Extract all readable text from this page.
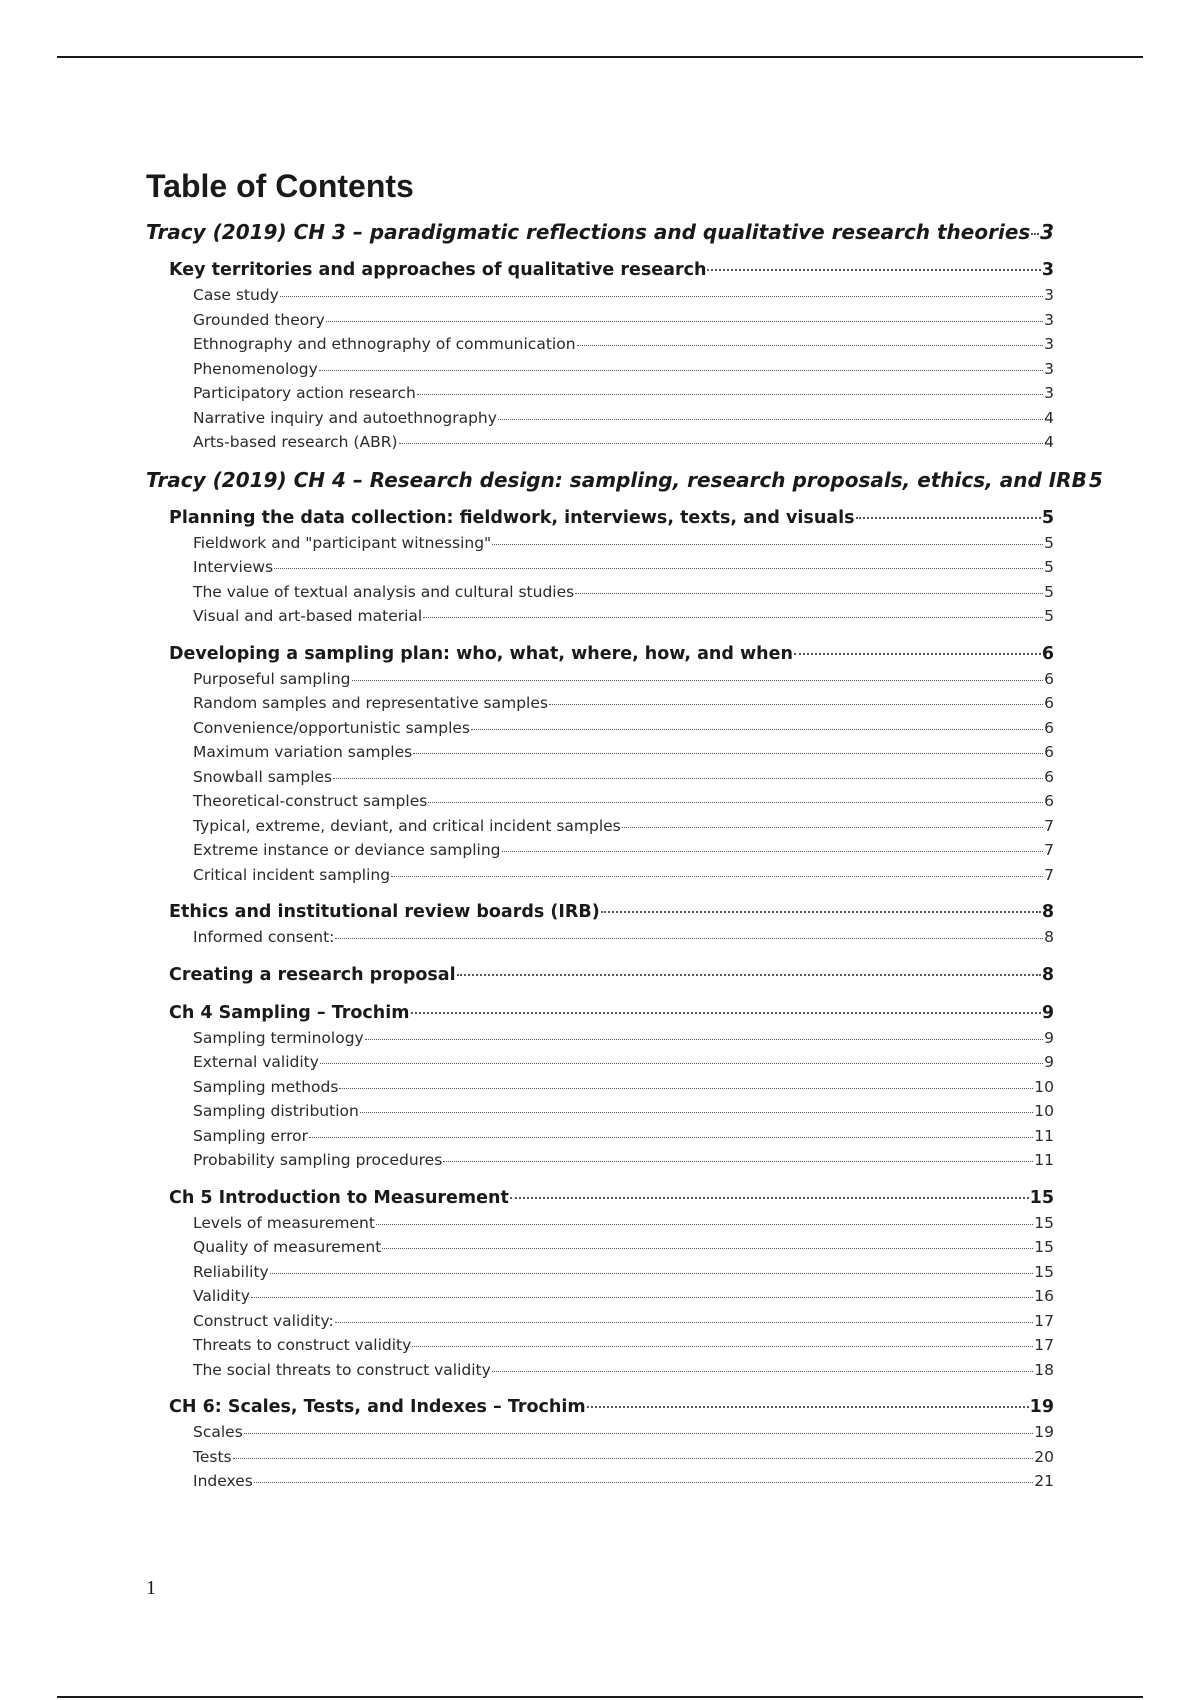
Table of Contents
Tracy (2019) CH 3 – paradigmatic reflections and qualitative research theories 3
Key territories and approaches of qualitative research	3
Case study	3
Grounded theory	3
Ethnography and ethnography of communication	3
Phenomenology	3
Participatory action research	3
Narrative inquiry and autoethnography	4
Arts-based research (ABR)	4
Tracy (2019) CH 4 – Research design: sampling, research proposals, ethics, and IRB 5
Planning the data collection: fieldwork, interviews, texts, and visuals	5
Fieldwork and "participant witnessing"	5
Interviews	5
The value of textual analysis and cultural studies	5
Visual and art-based material	5
Developing a sampling plan: who, what, where, how, and when	6
Purposeful sampling	6
Random samples and representative samples	6
Convenience/opportunistic samples	6
Maximum variation samples	6
Snowball samples	6
Theoretical-construct samples	6
Typical, extreme, deviant, and critical incident samples	7
Extreme instance or deviance sampling	7
Critical incident sampling	7
Ethics and institutional review boards (IRB)	8
Informed consent:	8
Creating a research proposal	8
Ch 4 Sampling – Trochim	9
Sampling terminology	9
External validity	9
Sampling methods	10
Sampling distribution	10
Sampling error	11
Probability sampling procedures	11
Ch 5 Introduction to Measurement	15
Levels of measurement	15
Quality of measurement	15
Reliability	15
Validity	16
Construct validity:	17
Threats to construct validity	17
The social threats to construct validity	18
CH 6: Scales, Tests, and Indexes – Trochim	19
Scales	19
Tests	20
Indexes	21
1
